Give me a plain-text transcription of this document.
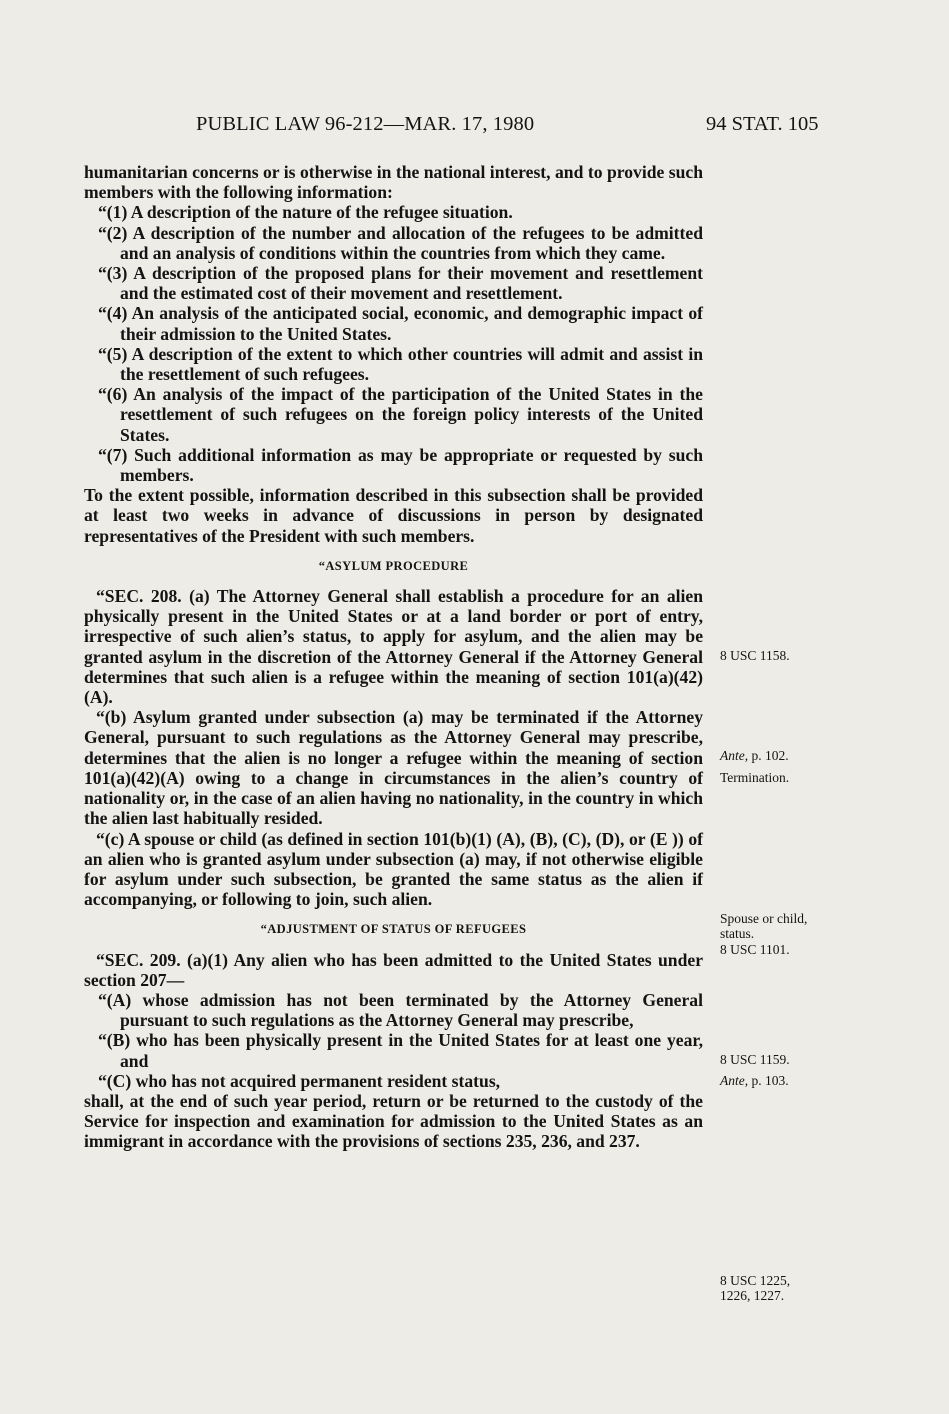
PUBLIC LAW 96-212—MAR. 17, 1980	94 STAT. 105

humanitarian concerns or is otherwise in the national interest, and to provide such members with the following information:

“(1) A description of the nature of the refugee situation.

“(2) A description of the number and allocation of the refugees to be admitted and an analysis of conditions within the countries from which they came.

“(3) A description of the proposed plans for their movement and resettlement and the estimated cost of their movement and resettlement.

“(4) An analysis of the anticipated social, economic, and demographic impact of their admission to the United States.

“(5) A description of the extent to which other countries will admit and assist in the resettlement of such refugees.

“(6) An analysis of the impact of the participation of the United States in the resettlement of such refugees on the foreign policy interests of the United States.

“(7) Such additional information as may be appropriate or requested by such members.

To the extent possible, information described in this subsection shall be provided at least two weeks in advance of discussions in person by designated representatives of the President with such members.

“ASYLUM PROCEDURE

“SEC. 208. (a) The Attorney General shall establish a procedure for an alien physically present in the United States or at a land border or port of entry, irrespective of such alien’s status, to apply for asylum, and the alien may be granted asylum in the discretion of the Attorney General if the Attorney General determines that such alien is a refugee within the meaning of section 101(a)(42)(A).

“(b) Asylum granted under subsection (a) may be terminated if the Attorney General, pursuant to such regulations as the Attorney General may prescribe, determines that the alien is no longer a refugee within the meaning of section 101(a)(42)(A) owing to a change in circumstances in the alien’s country of nationality or, in the case of an alien having no nationality, in the country in which the alien last habitually resided.

“(c) A spouse or child (as defined in section 101(b)(1) (A), (B), (C), (D), or (E )) of an alien who is granted asylum under subsection (a) may, if not otherwise eligible for asylum under such subsection, be granted the same status as the alien if accompanying, or following to join, such alien.

“ADJUSTMENT OF STATUS OF REFUGEES

“SEC. 209. (a)(1) Any alien who has been admitted to the United States under section 207—

“(A) whose admission has not been terminated by the Attorney General pursuant to such regulations as the Attorney General may prescribe,

“(B) who has been physically present in the United States for at least one year, and

“(C) who has not acquired permanent resident status,

shall, at the end of such year period, return or be returned to the custody of the Service for inspection and examination for admission to the United States as an immigrant in accordance with the provisions of sections 235, 236, and 237.

8 USC 1158.
Ante, p. 102.
Termination.
Spouse or child,
status.
8 USC 1101.
8 USC 1159.
Ante, p. 103.
8 USC 1225,
1226, 1227.
